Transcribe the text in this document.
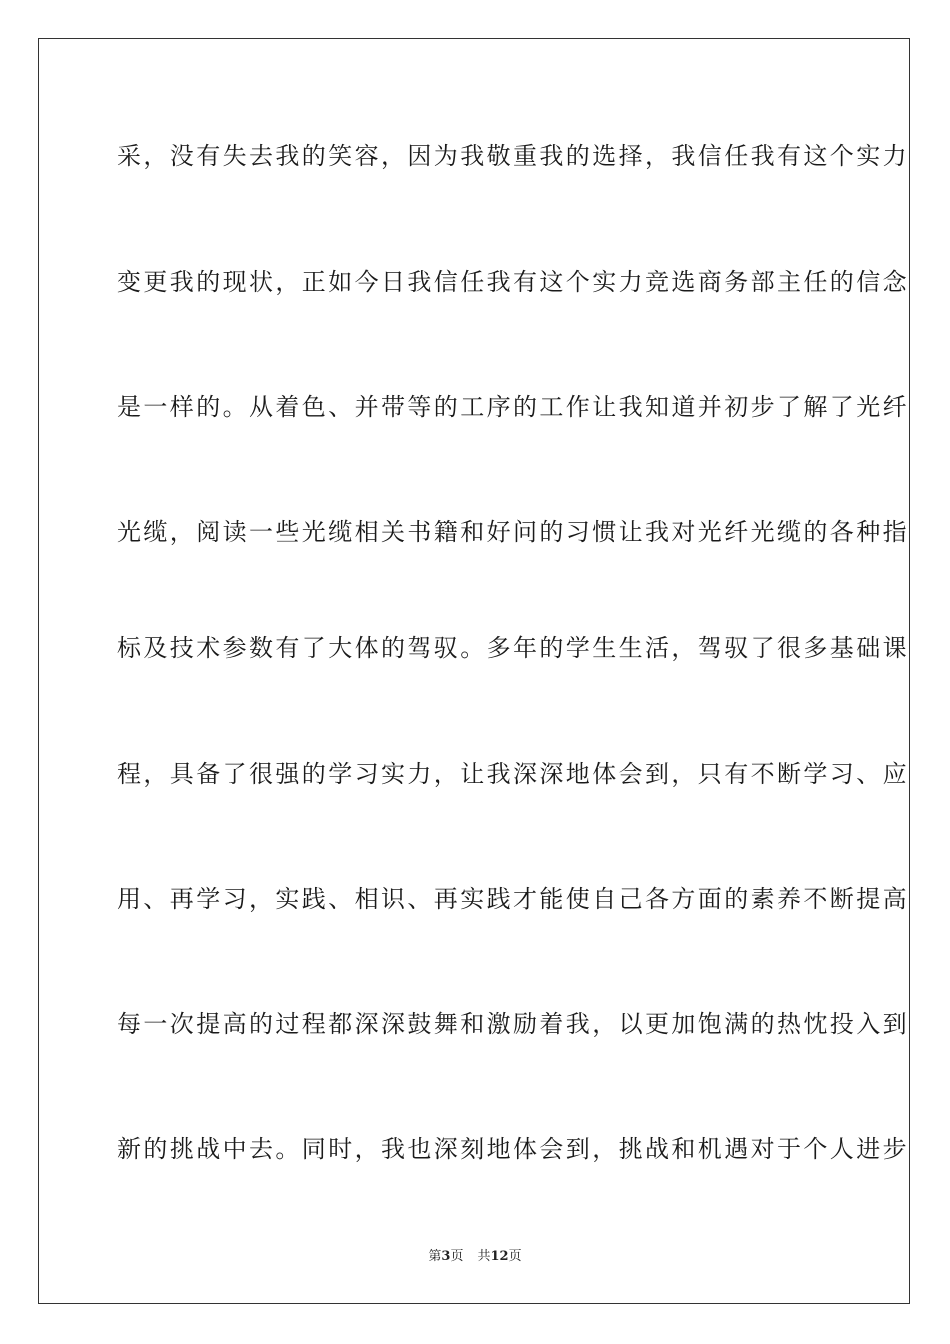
采，没有失去我的笑容，因为我敬重我的选择，我信任我有这个实力
变更我的现状，正如今日我信任我有这个实力竞选商务部主任的信念
是一样的。从着色、并带等的工序的工作让我知道并初步了解了光纤
光缆，阅读一些光缆相关书籍和好问的习惯让我对光纤光缆的各种指
标及技术参数有了大体的驾驭。多年的学生生活，驾驭了很多基础课
程，具备了很强的学习实力，让我深深地体会到，只有不断学习、应
用、再学习，实践、相识、再实践才能使自己各方面的素养不断提高
每一次提高的过程都深深鼓舞和激励着我，以更加饱满的热忱投入到
新的挑战中去。同时，我也深刻地体会到，挑战和机遇对于个人进步
第3页 共12页
